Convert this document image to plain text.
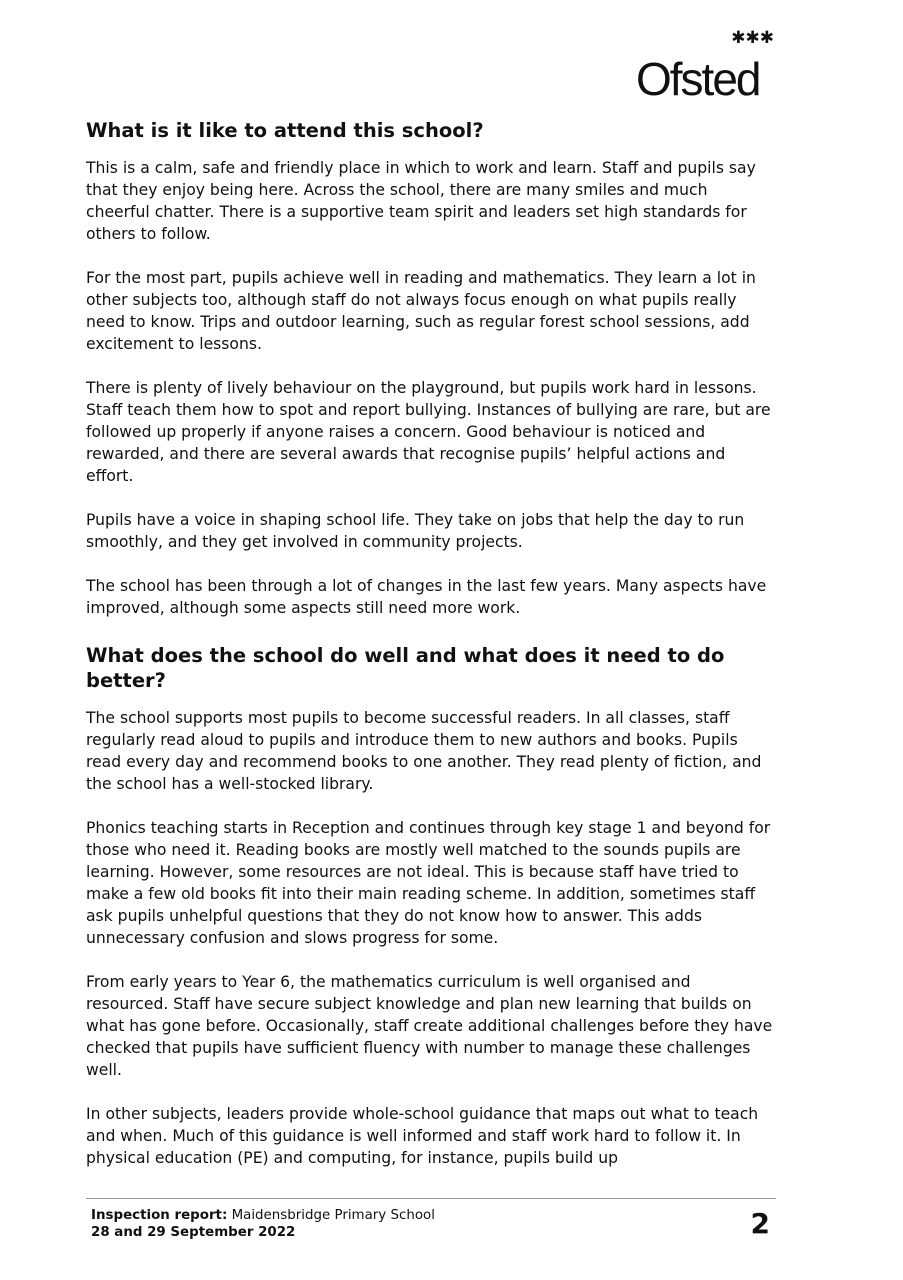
✱✱✱
Ofsted
What is it like to attend this school?

This is a calm, safe and friendly place in which to work and learn. Staff and pupils say that they enjoy being here. Across the school, there are many smiles and much cheerful chatter. There is a supportive team spirit and leaders set high standards for others to follow.

For the most part, pupils achieve well in reading and mathematics. They learn a lot in other subjects too, although staff do not always focus enough on what pupils really need to know. Trips and outdoor learning, such as regular forest school sessions, add excitement to lessons.

There is plenty of lively behaviour on the playground, but pupils work hard in lessons. Staff teach them how to spot and report bullying. Instances of bullying are rare, but are followed up properly if anyone raises a concern. Good behaviour is noticed and rewarded, and there are several awards that recognise pupils’ helpful actions and effort.

Pupils have a voice in shaping school life. They take on jobs that help the day to run smoothly, and they get involved in community projects.

The school has been through a lot of changes in the last few years. Many aspects have improved, although some aspects still need more work.

What does the school do well and what does it need to do better?

The school supports most pupils to become successful readers. In all classes, staff regularly read aloud to pupils and introduce them to new authors and books. Pupils read every day and recommend books to one another. They read plenty of fiction, and the school has a well-stocked library.

Phonics teaching starts in Reception and continues through key stage 1 and beyond for those who need it. Reading books are mostly well matched to the sounds pupils are learning. However, some resources are not ideal. This is because staff have tried to make a few old books fit into their main reading scheme. In addition, sometimes staff ask pupils unhelpful questions that they do not know how to answer. This adds unnecessary confusion and slows progress for some.

From early years to Year 6, the mathematics curriculum is well organised and resourced. Staff have secure subject knowledge and plan new learning that builds on what has gone before. Occasionally, staff create additional challenges before they have checked that pupils have sufficient fluency with number to manage these challenges well.

In other subjects, leaders provide whole-school guidance that maps out what to teach and when. Much of this guidance is well informed and staff work hard to follow it. In physical education (PE) and computing, for instance, pupils build up

Inspection report: Maidensbridge Primary School
28 and 29 September 2022	2
